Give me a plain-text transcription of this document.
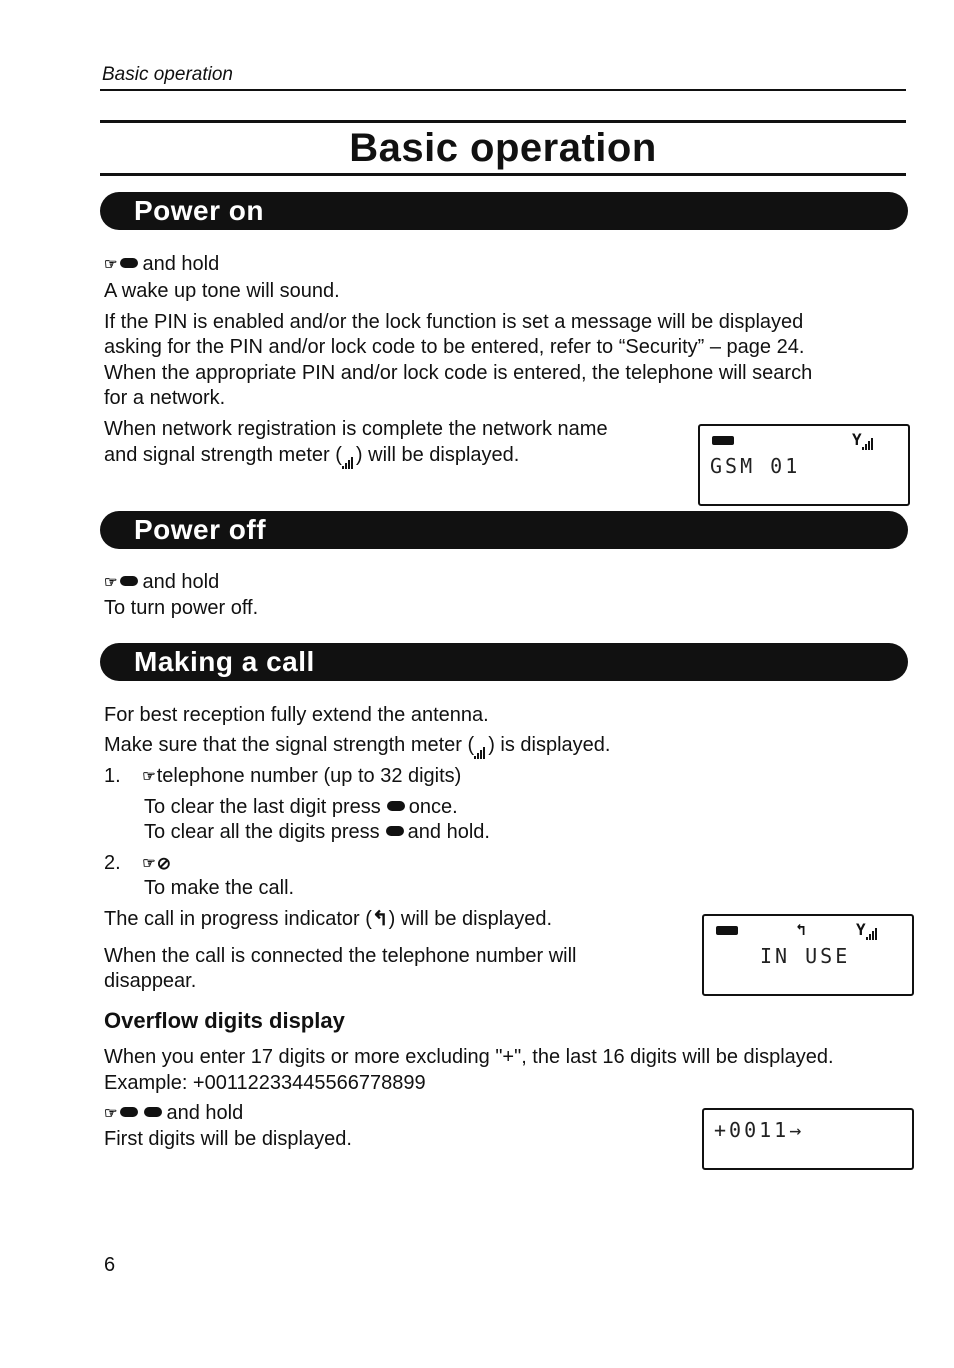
Basic operation
Basic operation
Power on
☞ and hold
A wake up tone will sound.
If the PIN is enabled and/or the lock function is set a message will be displayed
asking for the PIN and/or lock code to be entered, refer to “Security” – page 24.
When the appropriate PIN and/or lock code is entered, the telephone will search
for a network.
When network registration is complete the network name
and signal strength meter ( ) will be displayed.
Y
GSM 01
Power off
☞ and hold
To turn power off.
Making a call
For best reception fully extend the antenna.
Make sure that the signal strength meter ( ) is displayed.
1. ☞ telephone number (up to 32 digits)
To clear the last digit press once.
To clear all the digits press and hold.
2. ☞ ⊘
To make the call.
The call in progress indicator (↰) will be displayed.
When the call is connected the telephone number will
disappear.
↰	Y
IN USE
Overflow digits display
When you enter 17 digits or more excluding "+", the last 16 digits will be displayed.
Example: +00112233445566778899
☞	and hold
First digits will be displayed.	+0011→
6
